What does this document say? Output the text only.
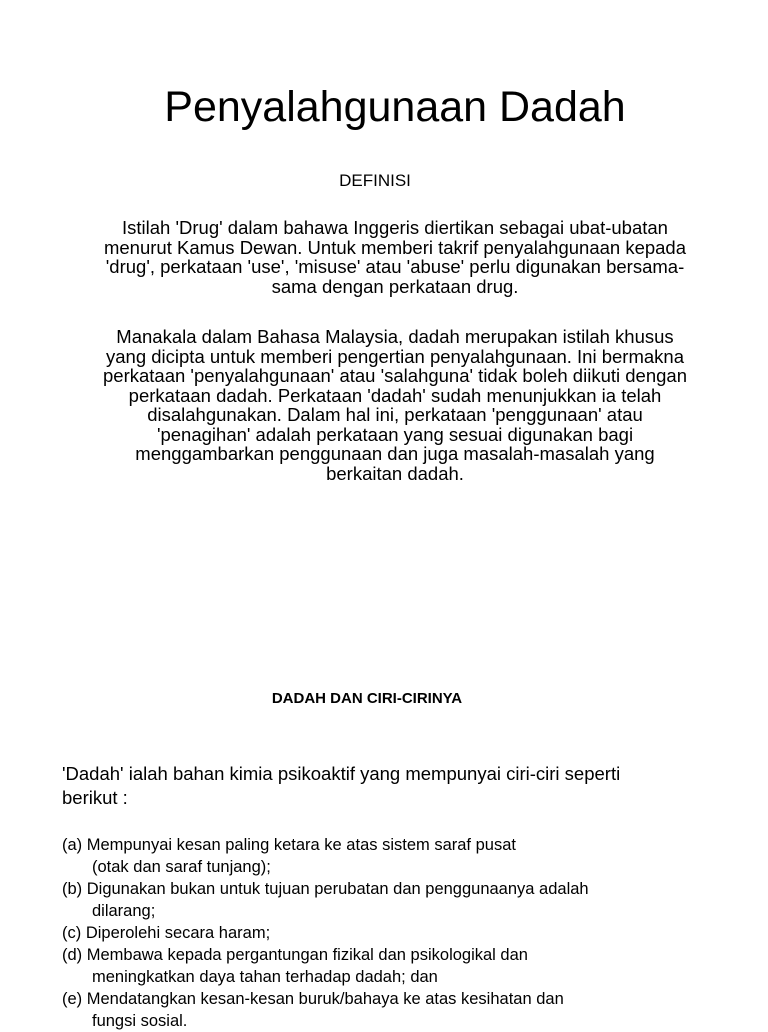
Penyalahgunaan Dadah
DEFINISI
Istilah 'Drug' dalam bahawa Inggeris diertikan sebagai ubat-ubatan
menurut Kamus Dewan. Untuk memberi takrif penyalahgunaan kepada
'drug', perkataan 'use', 'misuse' atau 'abuse' perlu digunakan bersama-
sama dengan perkataan drug.
Manakala dalam Bahasa Malaysia, dadah merupakan istilah khusus
yang dicipta untuk memberi pengertian penyalahgunaan. Ini bermakna
perkataan 'penyalahgunaan' atau 'salahguna' tidak boleh diikuti dengan
perkataan dadah. Perkataan 'dadah' sudah menunjukkan ia telah
disalahgunakan. Dalam hal ini, perkataan 'penggunaan' atau
'penagihan' adalah perkataan yang sesuai digunakan bagi
menggambarkan penggunaan dan juga masalah-masalah yang
berkaitan dadah.
DADAH DAN CIRI-CIRINYA
'Dadah' ialah bahan kimia psikoaktif yang mempunyai ciri-ciri seperti
berikut :
(a) Mempunyai kesan paling ketara ke atas sistem saraf pusat
(otak dan saraf tunjang);
(b) Digunakan bukan untuk tujuan perubatan dan penggunaanya adalah
dilarang;
(c) Diperolehi secara haram;
(d) Membawa kepada pergantungan fizikal dan psikologikal dan
meningkatkan daya tahan terhadap dadah; dan
(e) Mendatangkan kesan-kesan buruk/bahaya ke atas kesihatan dan
fungsi sosial.
